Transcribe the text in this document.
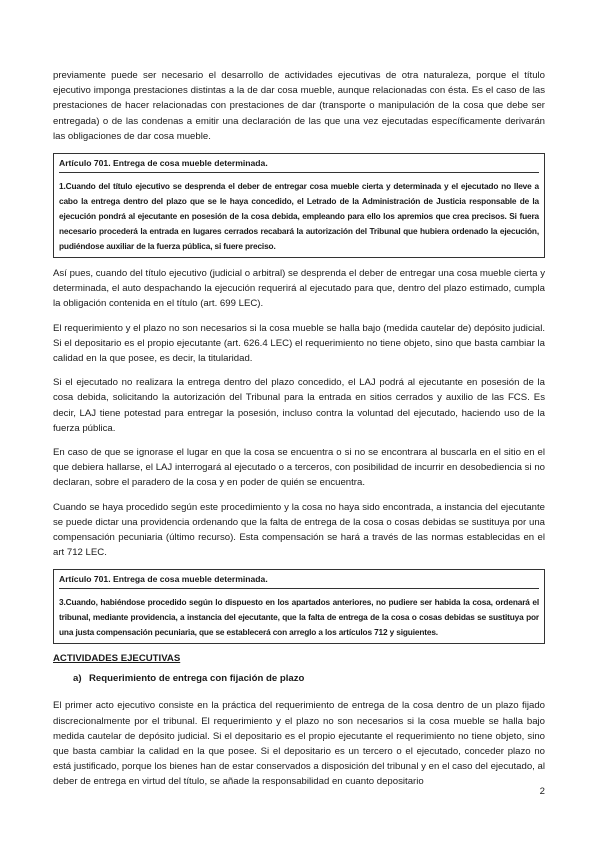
previamente puede ser necesario el desarrollo de actividades ejecutivas de otra naturaleza, porque el título ejecutivo imponga prestaciones distintas a la de dar cosa mueble, aunque relacionadas con ésta. Es el caso de las prestaciones de hacer relacionadas con prestaciones de dar (transporte o manipulación de la cosa que debe ser entregada) o de las condenas a emitir una declaración de las que una vez ejecutadas específicamente derivarán las obligaciones de dar cosa mueble.

Artículo 701. Entrega de cosa mueble determinada.
1.Cuando del título ejecutivo se desprenda el deber de entregar cosa mueble cierta y determinada y el ejecutado no lleve a cabo la entrega dentro del plazo que se le haya concedido, el Letrado de la Administración de Justicia responsable de la ejecución pondrá al ejecutante en posesión de la cosa debida, empleando para ello los apremios que crea precisos. Si fuera necesario procederá la entrada en lugares cerrados recabará la autorización del Tribunal que hubiera ordenado la ejecución, pudiéndose auxiliar de la fuerza pública, si fuere preciso.

Así pues, cuando del título ejecutivo (judicial o arbitral) se desprenda el deber de entregar una cosa mueble cierta y determinada, el auto despachando la ejecución requerirá al ejecutado para que, dentro del plazo estimado, cumpla la obligación contenida en el título (art. 699 LEC).

El requerimiento y el plazo no son necesarios si la cosa mueble se halla bajo (medida cautelar de) depósito judicial. Si el depositario es el propio ejecutante (art. 626.4 LEC) el requerimiento no tiene objeto, sino que basta cambiar la calidad en la que posee, es decir, la titularidad.

Si el ejecutado no realizara la entrega dentro del plazo concedido, el LAJ podrá al ejecutante en posesión de la cosa debida, solicitando la autorización del Tribunal para la entrada en sitios cerrados y auxilio de las FCS. Es decir, LAJ tiene potestad para entregar la posesión, incluso contra la voluntad del ejecutado, haciendo uso de la fuerza pública.

En caso de que se ignorase el lugar en que la cosa se encuentra o si no se encontrara al buscarla en el sitio en el que debiera hallarse, el LAJ interrogará al ejecutado o a terceros, con posibilidad de incurrir en desobediencia si no declaran, sobre el paradero de la cosa y en poder de quién se encuentra.

Cuando se haya procedido según este procedimiento y la cosa no haya sido encontrada, a instancia del ejecutante se puede dictar una providencia ordenando que la falta de entrega de la cosa o cosas debidas se sustituya por una compensación pecuniaria (último recurso). Esta compensación se hará a través de las normas establecidas en el art 712 LEC.

Artículo 701. Entrega de cosa mueble determinada.
3.Cuando, habiéndose procedido según lo dispuesto en los apartados anteriores, no pudiere ser habida la cosa, ordenará el tribunal, mediante providencia, a instancia del ejecutante, que la falta de entrega de la cosa o cosas debidas se sustituya por una justa compensación pecuniaria, que se establecerá con arreglo a los artículos 712 y siguientes.
ACTIVIDADES EJECUTIVAS
a) Requerimiento de entrega con fijación de plazo

El primer acto ejecutivo consiste en la práctica del requerimiento de entrega de la cosa dentro de un plazo fijado discrecionalmente por el tribunal. El requerimiento y el plazo no son necesarios si la cosa mueble se halla bajo medida cautelar de depósito judicial. Si el depositario es el propio ejecutante el requerimiento no tiene objeto, sino que basta cambiar la calidad en la que posee. Si el depositario es un tercero o el ejecutado, conceder plazo no está justificado, porque los bienes han de estar conservados a disposición del tribunal y en el caso del ejecutado, al deber de entrega en virtud del título, se añade la responsabilidad en cuanto depositario

2
